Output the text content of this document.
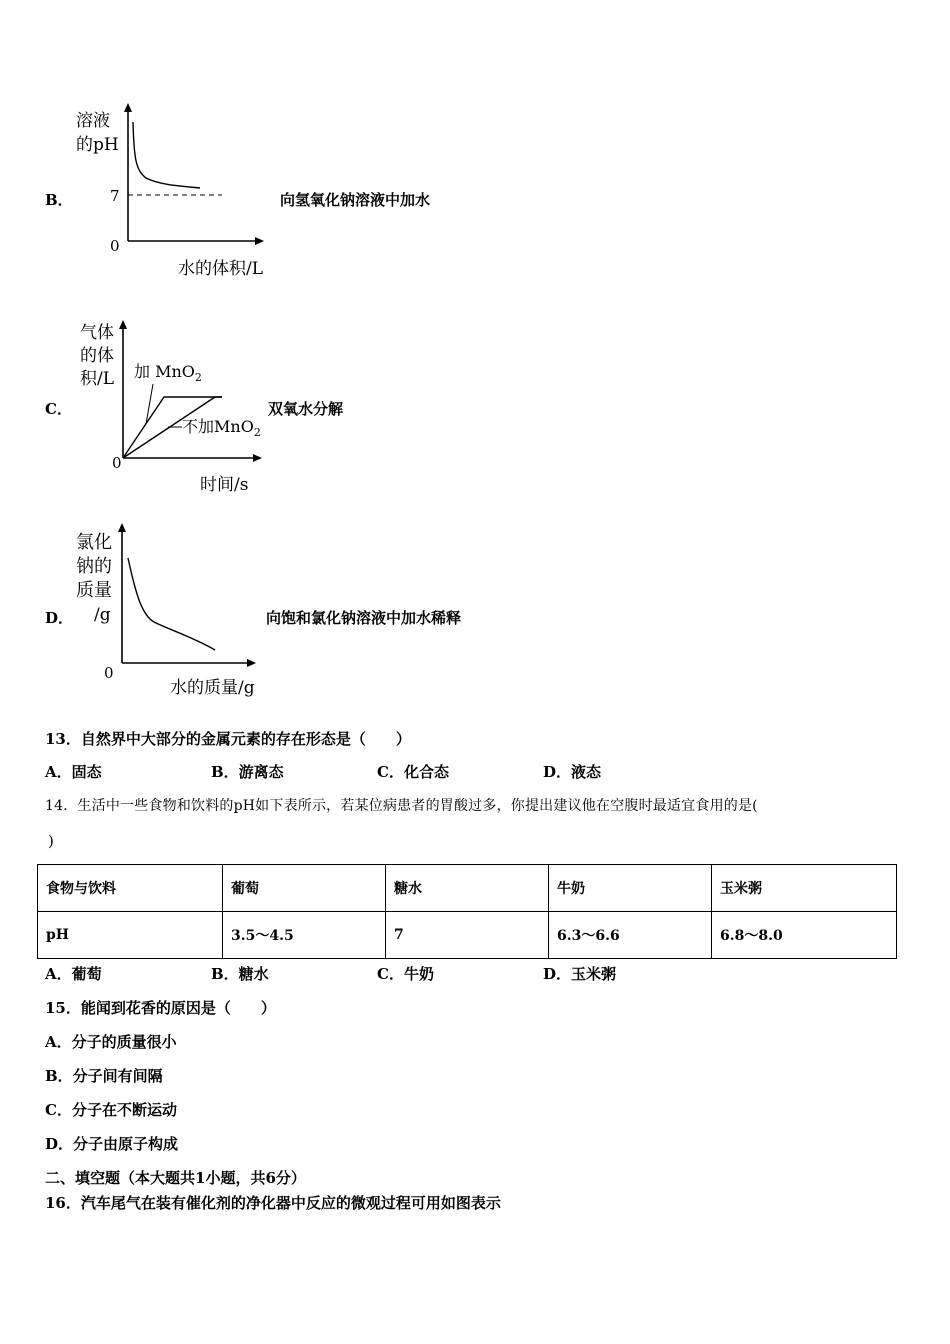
B．
溶液
的pH
7
0
水的体积/L
向氢氧化钠溶液中加水
C．
气体
的体
积/L 加 MnO$_2$
不加MnO$_2$
0
时间/s
双氧水分解
D．
氯化
钠的
质量
/g
0
水的质量/g
向饱和氯化钠溶液中加水稀释
13．自然界中大部分的金属元素的存在形态是（　　）
A．固态	B．游离态	C．化合态	D．液态
14．生活中一些食物和饮料的pH如下表所示，若某位病患者的胃酸过多，你提出建议他在空腹时最适宜食用的是(
)
食物与饮料	葡萄	糖水	牛奶	玉米粥
pH	3.5～4.5	7	6.3～6.6	6.8～8.0
A．葡萄	B．糖水	C．牛奶	D．玉米粥
15．能闻到花香的原因是（　　）
A．分子的质量很小
B．分子间有间隔
C．分子在不断运动
D．分子由原子构成
二、填空题（本大题共1小题，共6分）
16．汽车尾气在装有催化剂的净化器中反应的微观过程可用如图表示
